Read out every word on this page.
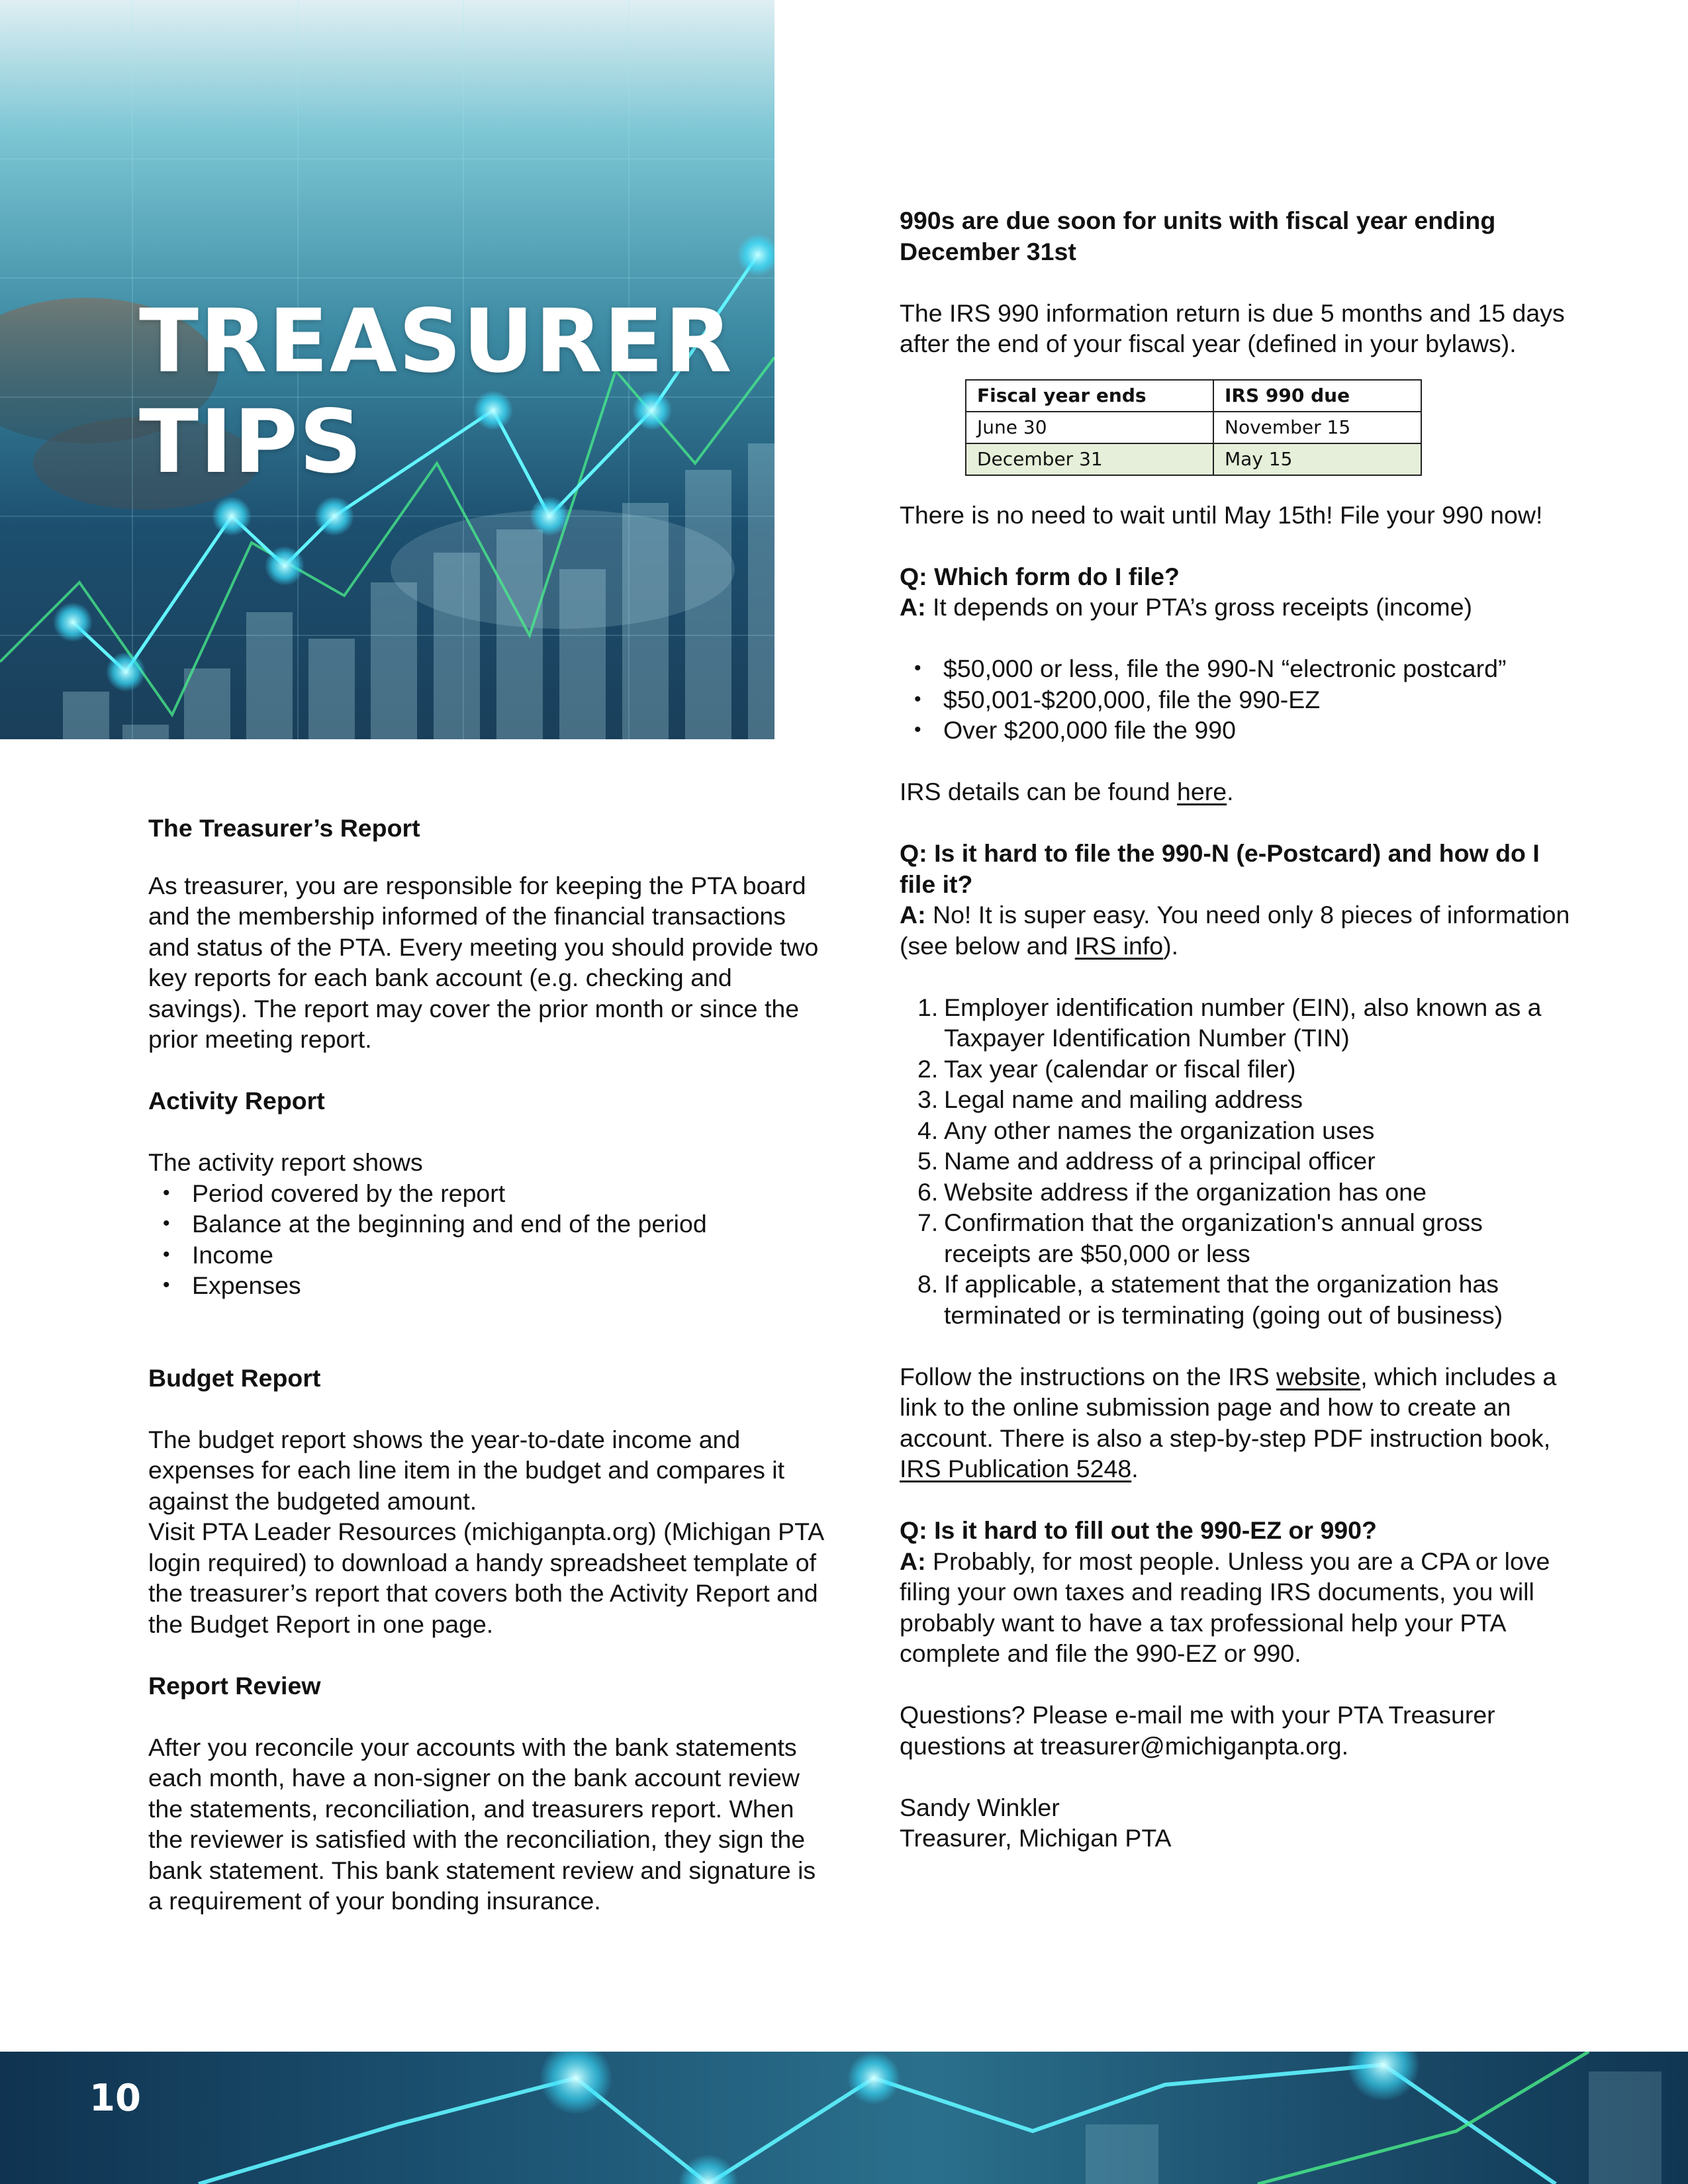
TREASURER
TIPS

The Treasurer’s Report

As treasurer, you are responsible for keeping the PTA board and the membership informed of the financial transactions and status of the PTA. Every meeting you should provide two key reports for each bank account (e.g. checking and savings). The report may cover the prior month or since the prior meeting report.

Activity Report

The activity report shows

• Period covered by the report
• Balance at the beginning and end of the period
• Income
• Expenses

Budget Report

The budget report shows the year-to-date income and expenses for each line item in the budget and compares it against the budgeted amount.

Visit PTA Leader Resources (michiganpta.org) (Michigan PTA login required) to download a handy spreadsheet template of the treasurer’s report that covers both the Activity Report and the Budget Report in one page.

Report Review

After you reconcile your accounts with the bank statements each month, have a non-signer on the bank account review the statements, reconciliation, and treasurers report. When the reviewer is satisfied with the reconciliation, they sign the bank statement. This bank statement review and signature is a requirement of your bonding insurance.

990s are due soon for units with fiscal year ending December 31st

The IRS 990 information return is due 5 months and 15 days after the end of your fiscal year (defined in your bylaws).

Fiscal year ends	IRS 990 due
June 30	November 15
December 31	May 15

There is no need to wait until May 15th! File your 990 now!

Q: Which form do I file?

A: It depends on your PTA’s gross receipts (income)

• $50,000 or less, file the 990-N “electronic postcard”
• $50,001-$200,000, file the 990-EZ
• Over $200,000 file the 990

IRS details can be found here.

Q: Is it hard to file the 990-N (e-Postcard) and how do I file it?

A: No! It is super easy. You need only 8 pieces of information (see below and IRS info).

1. Employer identification number (EIN), also known as a Taxpayer Identification Number (TIN)
2. Tax year (calendar or fiscal filer)
3. Legal name and mailing address
4. Any other names the organization uses
5. Name and address of a principal officer
6. Website address if the organization has one
7. Confirmation that the organization's annual gross receipts are $50,000 or less
8. If applicable, a statement that the organization has terminated or is terminating (going out of business)

Follow the instructions on the IRS website, which includes a link to the online submission page and how to create an account. There is also a step-by-step PDF instruction book, IRS Publication 5248.

Q: Is it hard to fill out the 990-EZ or 990?

A: Probably, for most people. Unless you are a CPA or love filing your own taxes and reading IRS documents, you will probably want to have a tax professional help your PTA complete and file the 990-EZ or 990.

Questions? Please e-mail me with your PTA Treasurer questions at treasurer@michiganpta.org.

Sandy Winkler

Treasurer, Michigan PTA

10
